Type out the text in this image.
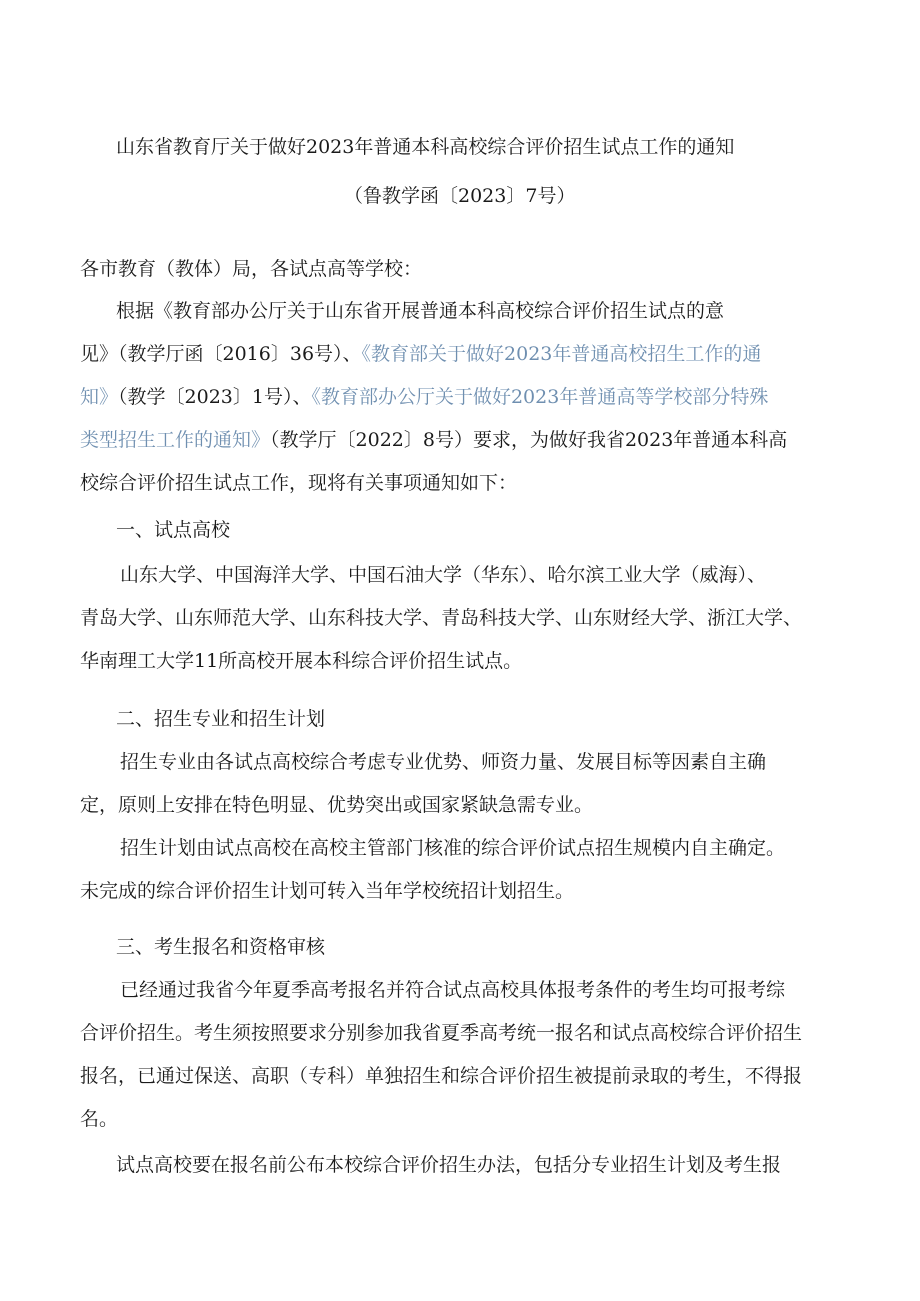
山东省教育厅关于做好2023年普通本科高校综合评价招生试点工作的通知
（鲁教学函〔2023〕7号）
各市教育（教体）局，各试点高等学校：
根据《教育部办公厅关于山东省开展普通本科高校综合评价招生试点的意
见》（教学厅函〔2016〕36号）、《教育部关于做好2023年普通高校招生工作的通
知》（教学〔2023〕1号）、《教育部办公厅关于做好2023年普通高等学校部分特殊
类型招生工作的通知》（教学厅〔2022〕8号）要求，为做好我省2023年普通本科高
校综合评价招生试点工作，现将有关事项通知如下：
一、试点高校
山东大学、中国海洋大学、中国石油大学（华东）、哈尔滨工业大学（威海）、
青岛大学、山东师范大学、山东科技大学、青岛科技大学、山东财经大学、浙江大学、
华南理工大学11所高校开展本科综合评价招生试点。
二、招生专业和招生计划
招生专业由各试点高校综合考虑专业优势、师资力量、发展目标等因素自主确
定，原则上安排在特色明显、优势突出或国家紧缺急需专业。
招生计划由试点高校在高校主管部门核准的综合评价试点招生规模内自主确定。
未完成的综合评价招生计划可转入当年学校统招计划招生。
三、考生报名和资格审核
已经通过我省今年夏季高考报名并符合试点高校具体报考条件的考生均可报考综
合评价招生。考生须按照要求分别参加我省夏季高考统一报名和试点高校综合评价招生
报名，已通过保送、高职（专科）单独招生和综合评价招生被提前录取的考生，不得报
名。
试点高校要在报名前公布本校综合评价招生办法，包括分专业招生计划及考生报
